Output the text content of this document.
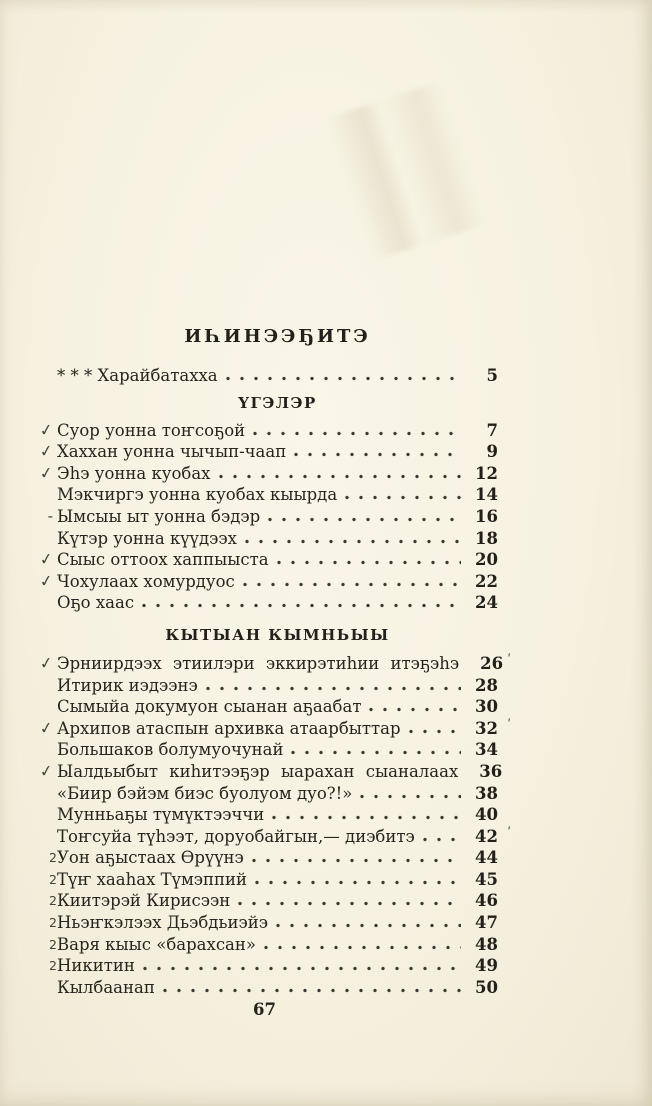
ИҺИНЭЭҔИТЭ
* * * Харайбатахха	5
ҮГЭЛЭР
✓ Суор уонна тоҥсоҕой	7
✓ Хаххан уонна чычып-чаап	9
✓ Эһэ уонна куобах	12
Мэкчиргэ уонна куобах кыырда	14
- Ымсыы ыт уонна бэдэр	16
Күтэр уонна күүдээх	18
✓ Сыыс оттоох хаппыыста	20
✓ Чохулаах хомурдуос	22
Оҕо хаас	24
КЫТЫАН КЫМНЬЫЫ
✓ Эрниирдээх этиилэри эккирэтиһии итэҕэһэ	26 ʹ
Итирик иэдээнэ	28
Сымыйа докумуон сыанан аҕаабат	30
✓ Архипов атаспын архивка атаарбыттар	32 ʹ
Большаков болумуочунай	34
✓ Ыалдьыбыт киһитээҕэр ыарахан сыаналаах	36
«Биир бэйэм биэс буолуом дуо?!»	38
Мунньаҕы түмүктээччи	40
Тоҥсуйа түһээт, доруобайгын,— диэбитэ	42 ʹ
2 Уон аҕыстаах Өрүүнэ	44
2 Түҥ хааһах Түмэппий	45
2 Киитэрэй Кирисээн	46
2 Ньэҥкэлээх Дьэбдьиэйэ	47
2 Варя кыыс «барахсан»	48
2 Никитин	49
Кылбаанап	50
67
